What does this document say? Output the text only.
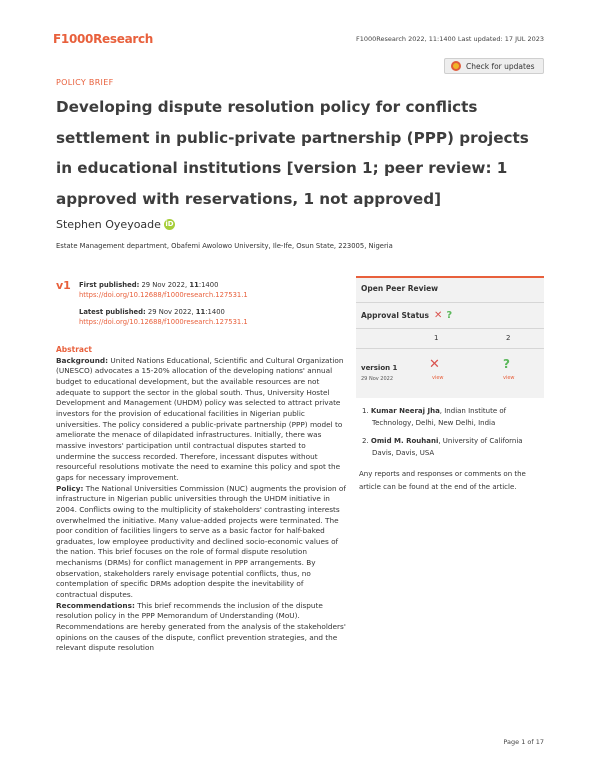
F1000Research	F1000Research 2022, 11:1400 Last updated: 17 JUL 2023
POLICY BRIEF
Check for updates
Developing dispute resolution policy for conflicts settlement in public-private partnership (PPP) projects in educational institutions [version 1; peer review: 1 approved with reservations, 1 not approved]
Stephen Oyeyoade iD
Estate Management department, Obafemi Awolowo University, Ile-Ife, Osun State, 223005, Nigeria
v1 First published: 29 Nov 2022, 11:1400
https://doi.org/10.12688/f1000research.127531.1
Latest published: 29 Nov 2022, 11:1400
https://doi.org/10.12688/f1000research.127531.1
Open Peer Review
Approval Status ✕ ?
1	2
version 1
29 Nov 2022
✕	?
view	view
1. Kumar Neeraj Jha, Indian Institute of Technology, Delhi, New Delhi, India
2. Omid M. Rouhani, University of California Davis, Davis, USA
Any reports and responses or comments on the article can be found at the end of the article.
Abstract
Background: United Nations Educational, Scientific and Cultural Organization (UNESCO) advocates a 15-20% allocation of the developing nations' annual budget to educational development, but the available resources are not adequate to support the sector in the global south. Thus, University Hostel Development and Management (UHDM) policy was selected to attract private investors for the provision of educational facilities in Nigerian public universities. The policy considered a public-private partnership (PPP) model to ameliorate the menace of dilapidated infrastructures. Initially, there was massive investors' participation until contractual disputes started to undermine the success recorded. Therefore, incessant disputes without resourceful resolutions motivate the need to examine this policy and spot the gaps for necessary improvement.
Policy: The National Universities Commission (NUC) augments the provision of infrastructure in Nigerian public universities through the UHDM initiative in 2004. Conflicts owing to the multiplicity of stakeholders' contrasting interests overwhelmed the initiative. Many value-added projects were terminated. The poor condition of facilities lingers to serve as a basic factor for half-baked graduates, low employee productivity and declined socio-economic values of the nation. This brief focuses on the role of formal dispute resolution mechanisms (DRMs) for conflict management in PPP arrangements. By observation, stakeholders rarely envisage potential conflicts, thus, no contemplation of specific DRMs adoption despite the inevitability of contractual disputes.
Recommendations: This brief recommends the inclusion of the dispute resolution policy in the PPP Memorandum of Understanding (MoU). Recommendations are hereby generated from the analysis of the stakeholders' opinions on the causes of the dispute, conflict prevention strategies, and the relevant dispute resolution
Page 1 of 17
